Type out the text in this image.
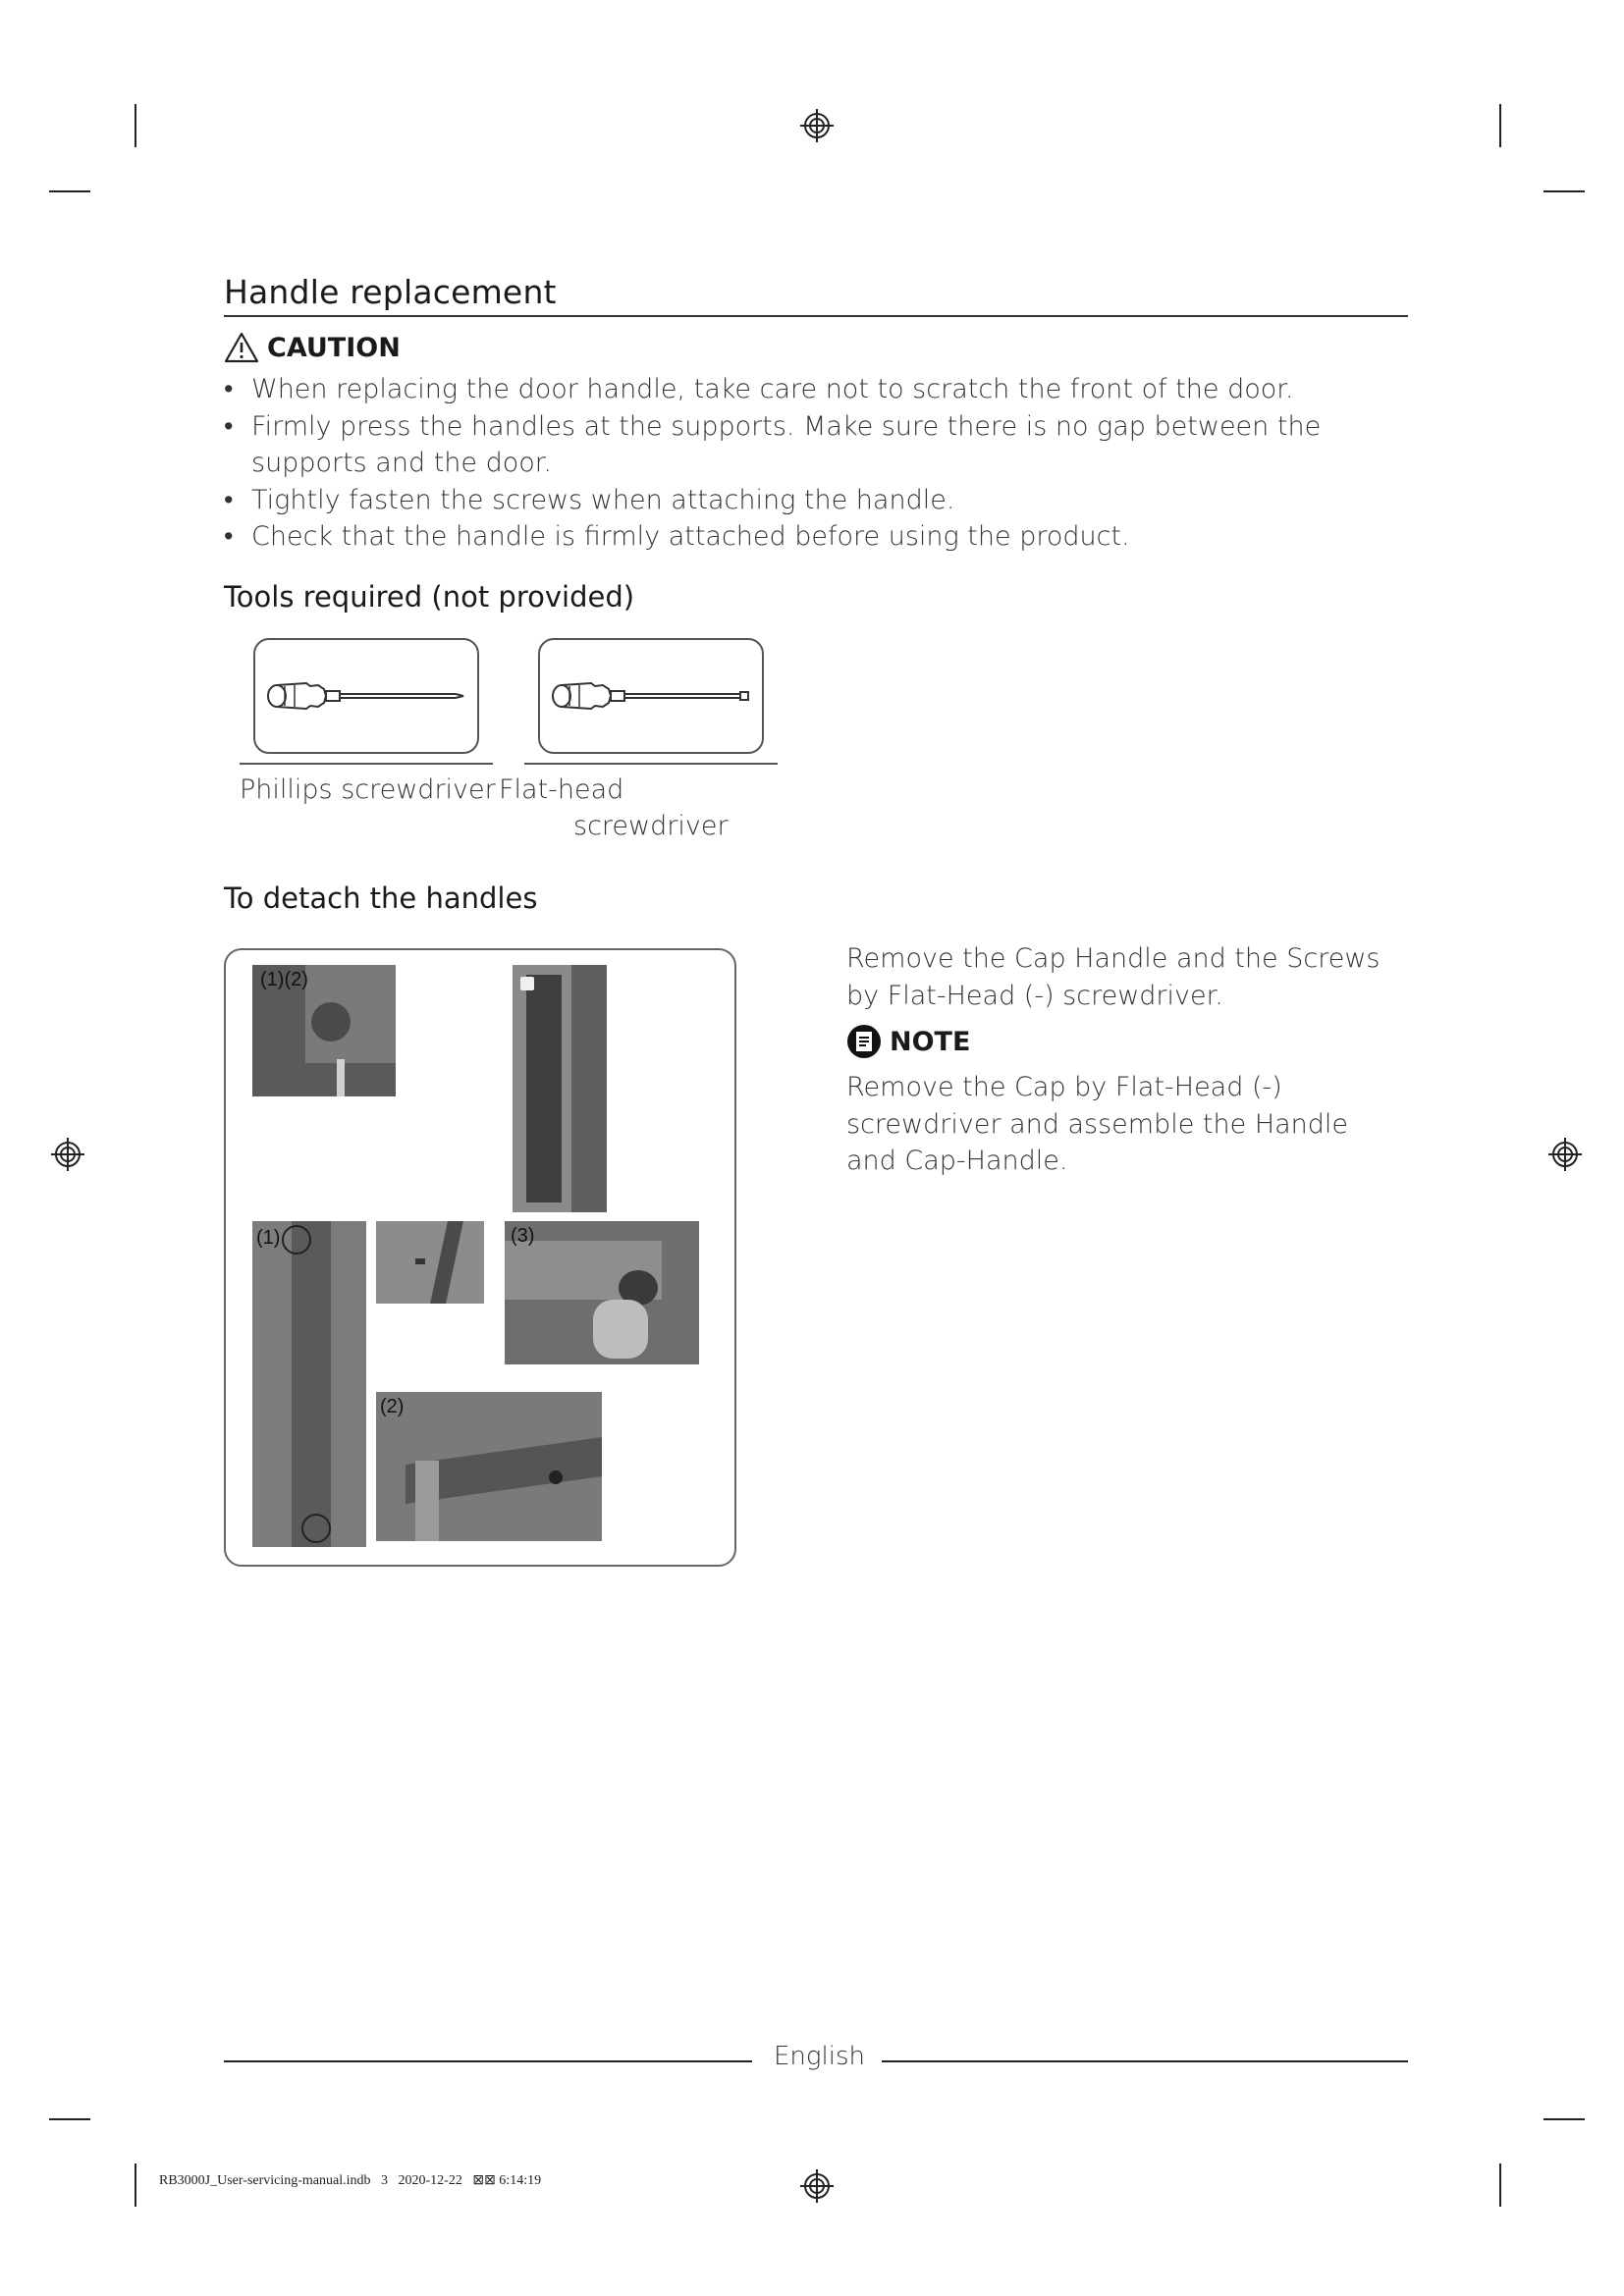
Handle replacement
CAUTION
• When replacing the door handle, take care not to scratch the front of the door.
• Firmly press the handles at the supports. Make sure there is no gap between the supports and the door.
• Tightly fasten the screws when attaching the handle.
• Check that the handle is firmly attached before using the product.
Tools required (not provided)
Phillips screwdriver Flat-head
screwdriver
To detach the handles
(1)(2)
(1)	(3)
(2)
Remove the Cap Handle and the Screws by Flat-Head (-) screwdriver.
NOTE
Remove the Cap by Flat-Head (-) screwdriver and assemble the Handle and Cap-Handle.
English
RB3000J_User-servicing-manual.indb   3   2020-12-22   ⊠⊠ 6:14:19
